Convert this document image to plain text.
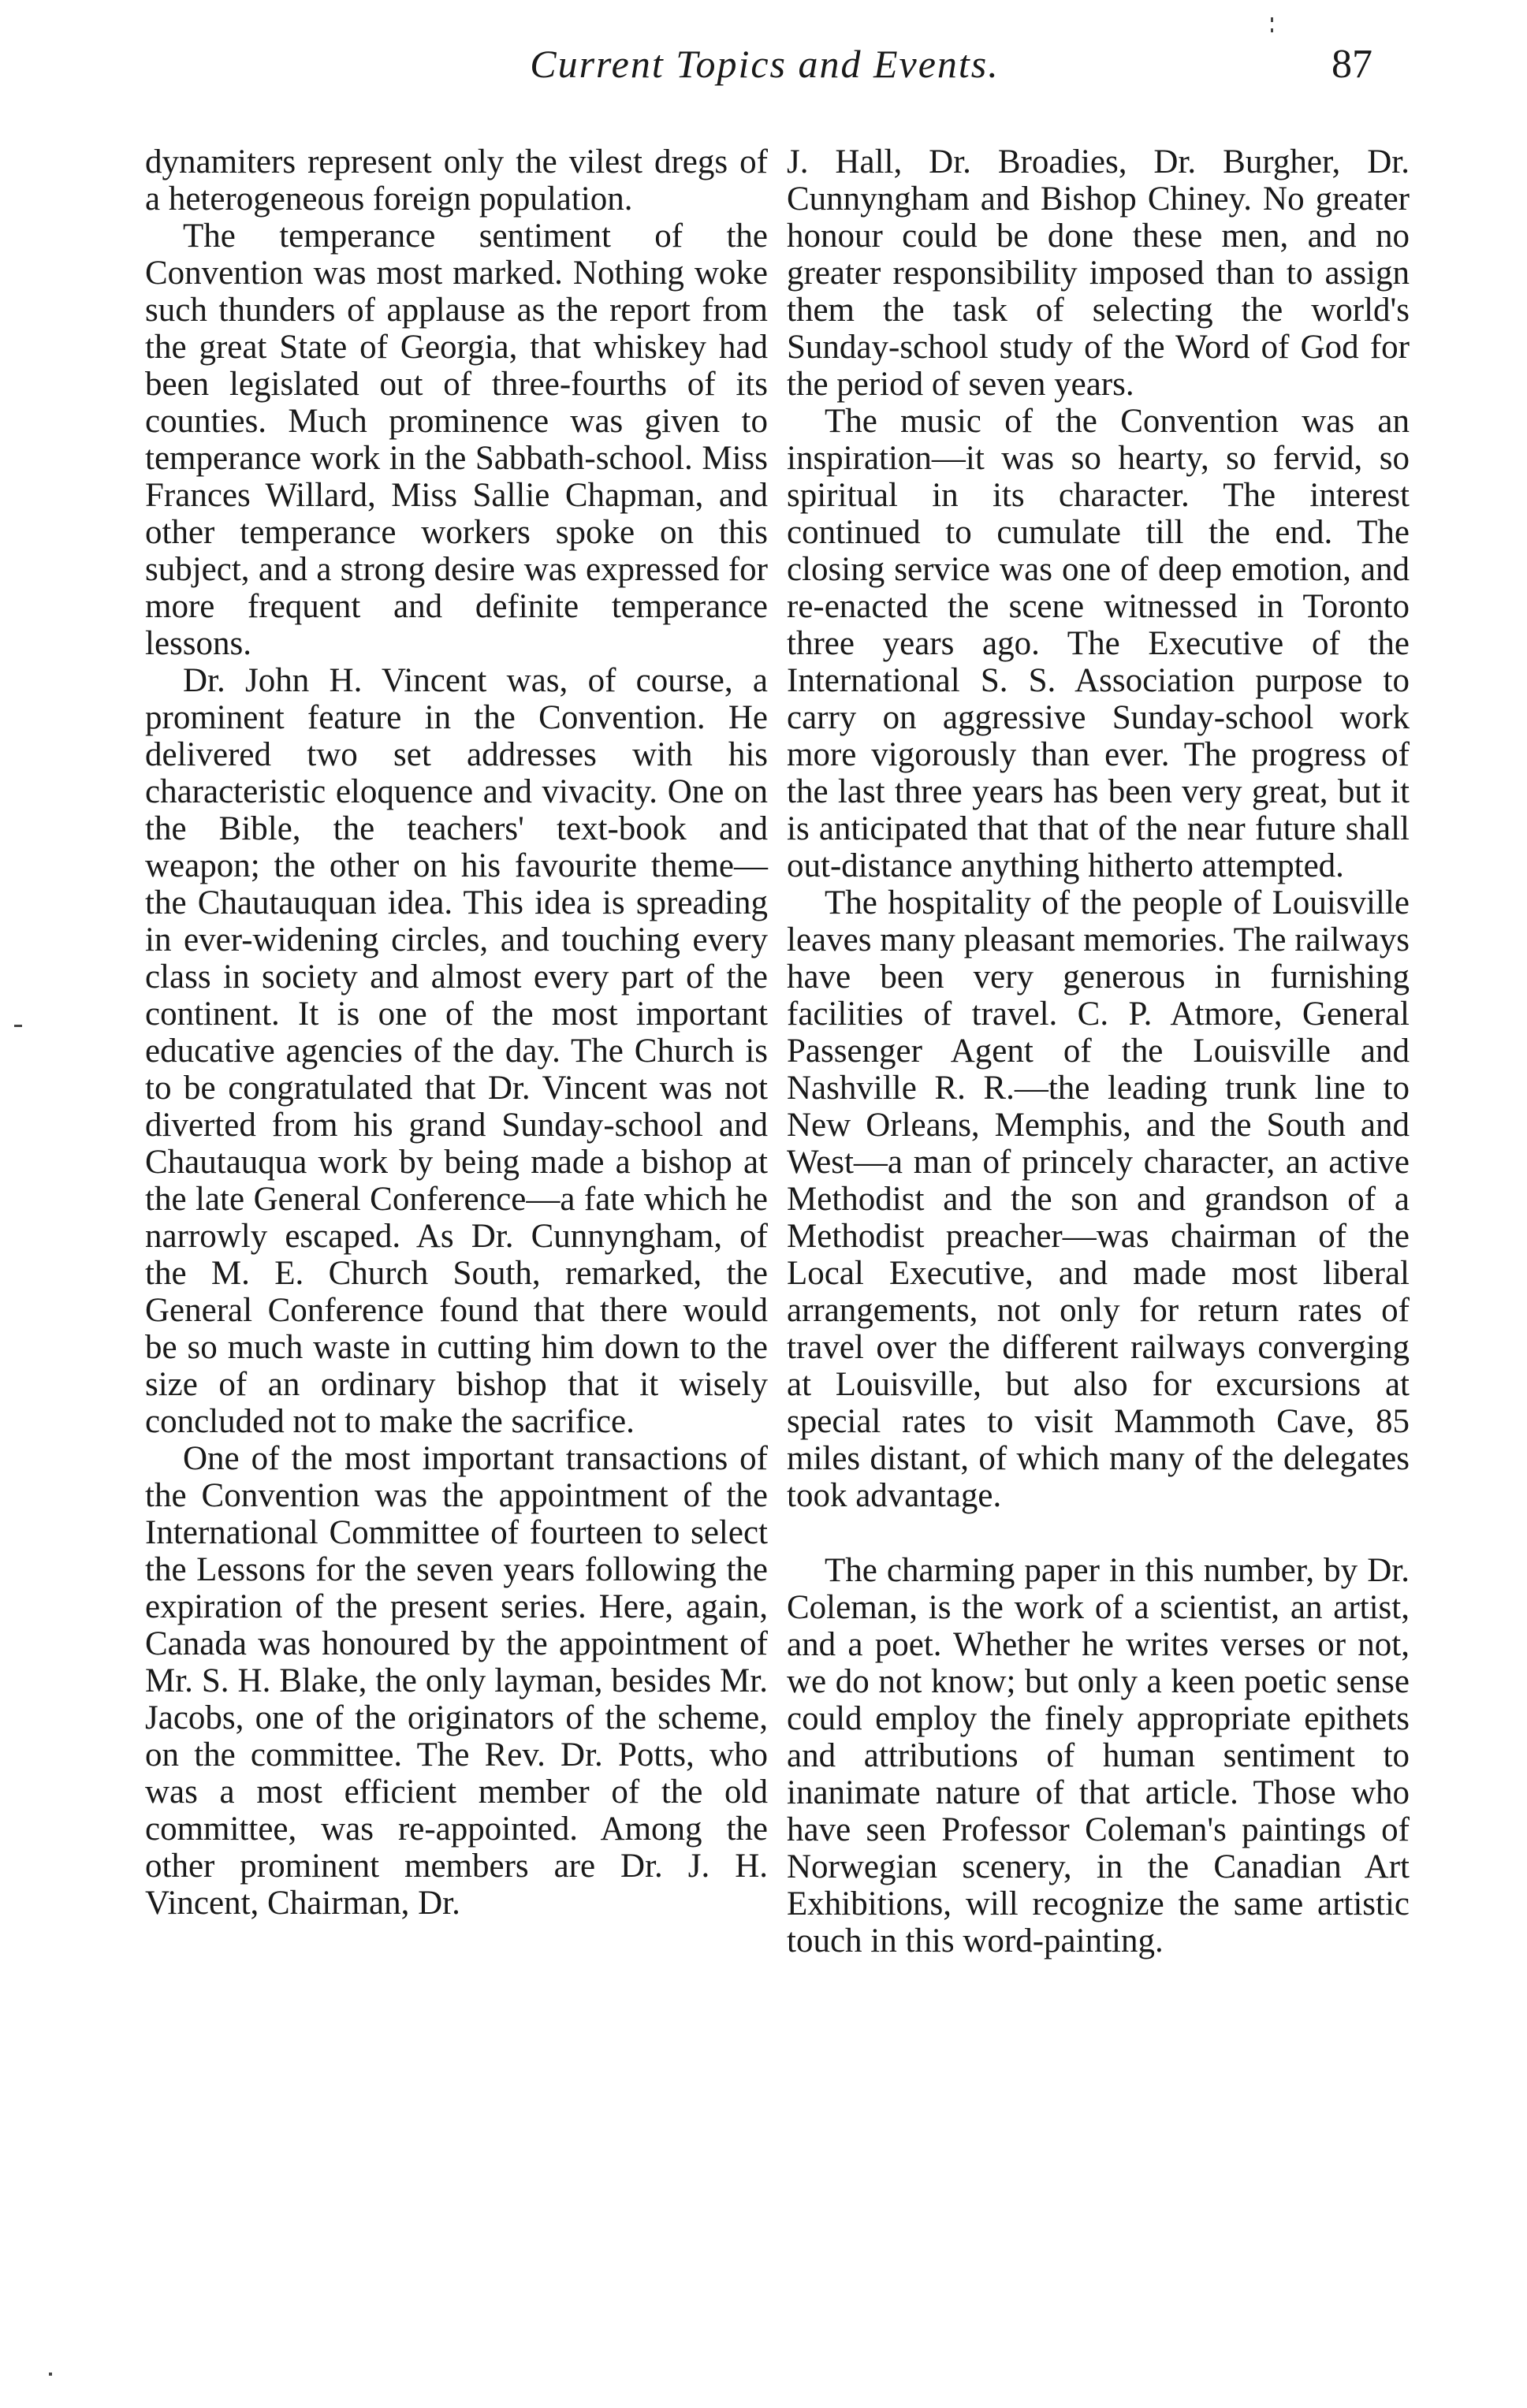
Current Topics and Events.	87

dynamiters represent only the vilest dregs of a heterogeneous foreign population.

The temperance sentiment of the Convention was most marked. Nothing woke such thunders of applause as the report from the great State of Georgia, that whiskey had been legislated out of three-fourths of its counties. Much prominence was given to temperance work in the Sabbath-school. Miss Frances Willard, Miss Sallie Chapman, and other temperance workers spoke on this subject, and a strong desire was expressed for more frequent and definite temperance lessons.

Dr. John H. Vincent was, of course, a prominent feature in the Convention. He delivered two set addresses with his characteristic eloquence and vivacity. One on the Bible, the teachers' text-book and weapon; the other on his favourite theme—the Chautauquan idea. This idea is spreading in ever-widening circles, and touching every class in society and almost every part of the continent. It is one of the most important educative agencies of the day. The Church is to be congratulated that Dr. Vincent was not diverted from his grand Sunday-school and Chautauqua work by being made a bishop at the late General Conference—a fate which he narrowly escaped. As Dr. Cunnyngham, of the M. E. Church South, remarked, the General Conference found that there would be so much waste in cutting him down to the size of an ordinary bishop that it wisely concluded not to make the sacrifice.

One of the most important transactions of the Convention was the appointment of the International Committee of fourteen to select the Lessons for the seven years following the expiration of the present series. Here, again, Canada was honoured by the appointment of Mr. S. H. Blake, the only layman, besides Mr. Jacobs, one of the originators of the scheme, on the committee. The Rev. Dr. Potts, who was a most efficient member of the old committee, was re-appointed. Among the other prominent members are Dr. J. H. Vincent, Chairman, Dr.

J. Hall, Dr. Broadies, Dr. Burgher, Dr. Cunnyngham and Bishop Chiney. No greater honour could be done these men, and no greater responsibility imposed than to assign them the task of selecting the world's Sunday-school study of the Word of God for the period of seven years.

The music of the Convention was an inspiration—it was so hearty, so fervid, so spiritual in its character. The interest continued to cumulate till the end. The closing service was one of deep emotion, and re-enacted the scene witnessed in Toronto three years ago. The Executive of the International S. S. Association purpose to carry on aggressive Sunday-school work more vigorously than ever. The progress of the last three years has been very great, but it is anticipated that that of the near future shall out-distance anything hitherto attempted.

The hospitality of the people of Louisville leaves many pleasant memories. The railways have been very generous in furnishing facilities of travel. C. P. Atmore, General Passenger Agent of the Louisville and Nashville R. R.—the leading trunk line to New Orleans, Memphis, and the South and West—a man of princely character, an active Methodist and the son and grandson of a Methodist preacher—was chairman of the Local Executive, and made most liberal arrangements, not only for return rates of travel over the different railways converging at Louisville, but also for excursions at special rates to visit Mammoth Cave, 85 miles distant, of which many of the delegates took advantage.

The charming paper in this number, by Dr. Coleman, is the work of a scientist, an artist, and a poet. Whether he writes verses or not, we do not know; but only a keen poetic sense could employ the finely appropriate epithets and attributions of human sentiment to inanimate nature of that article. Those who have seen Professor Coleman's paintings of Norwegian scenery, in the Canadian Art Exhibitions, will recognize the same artistic touch in this word-painting.
